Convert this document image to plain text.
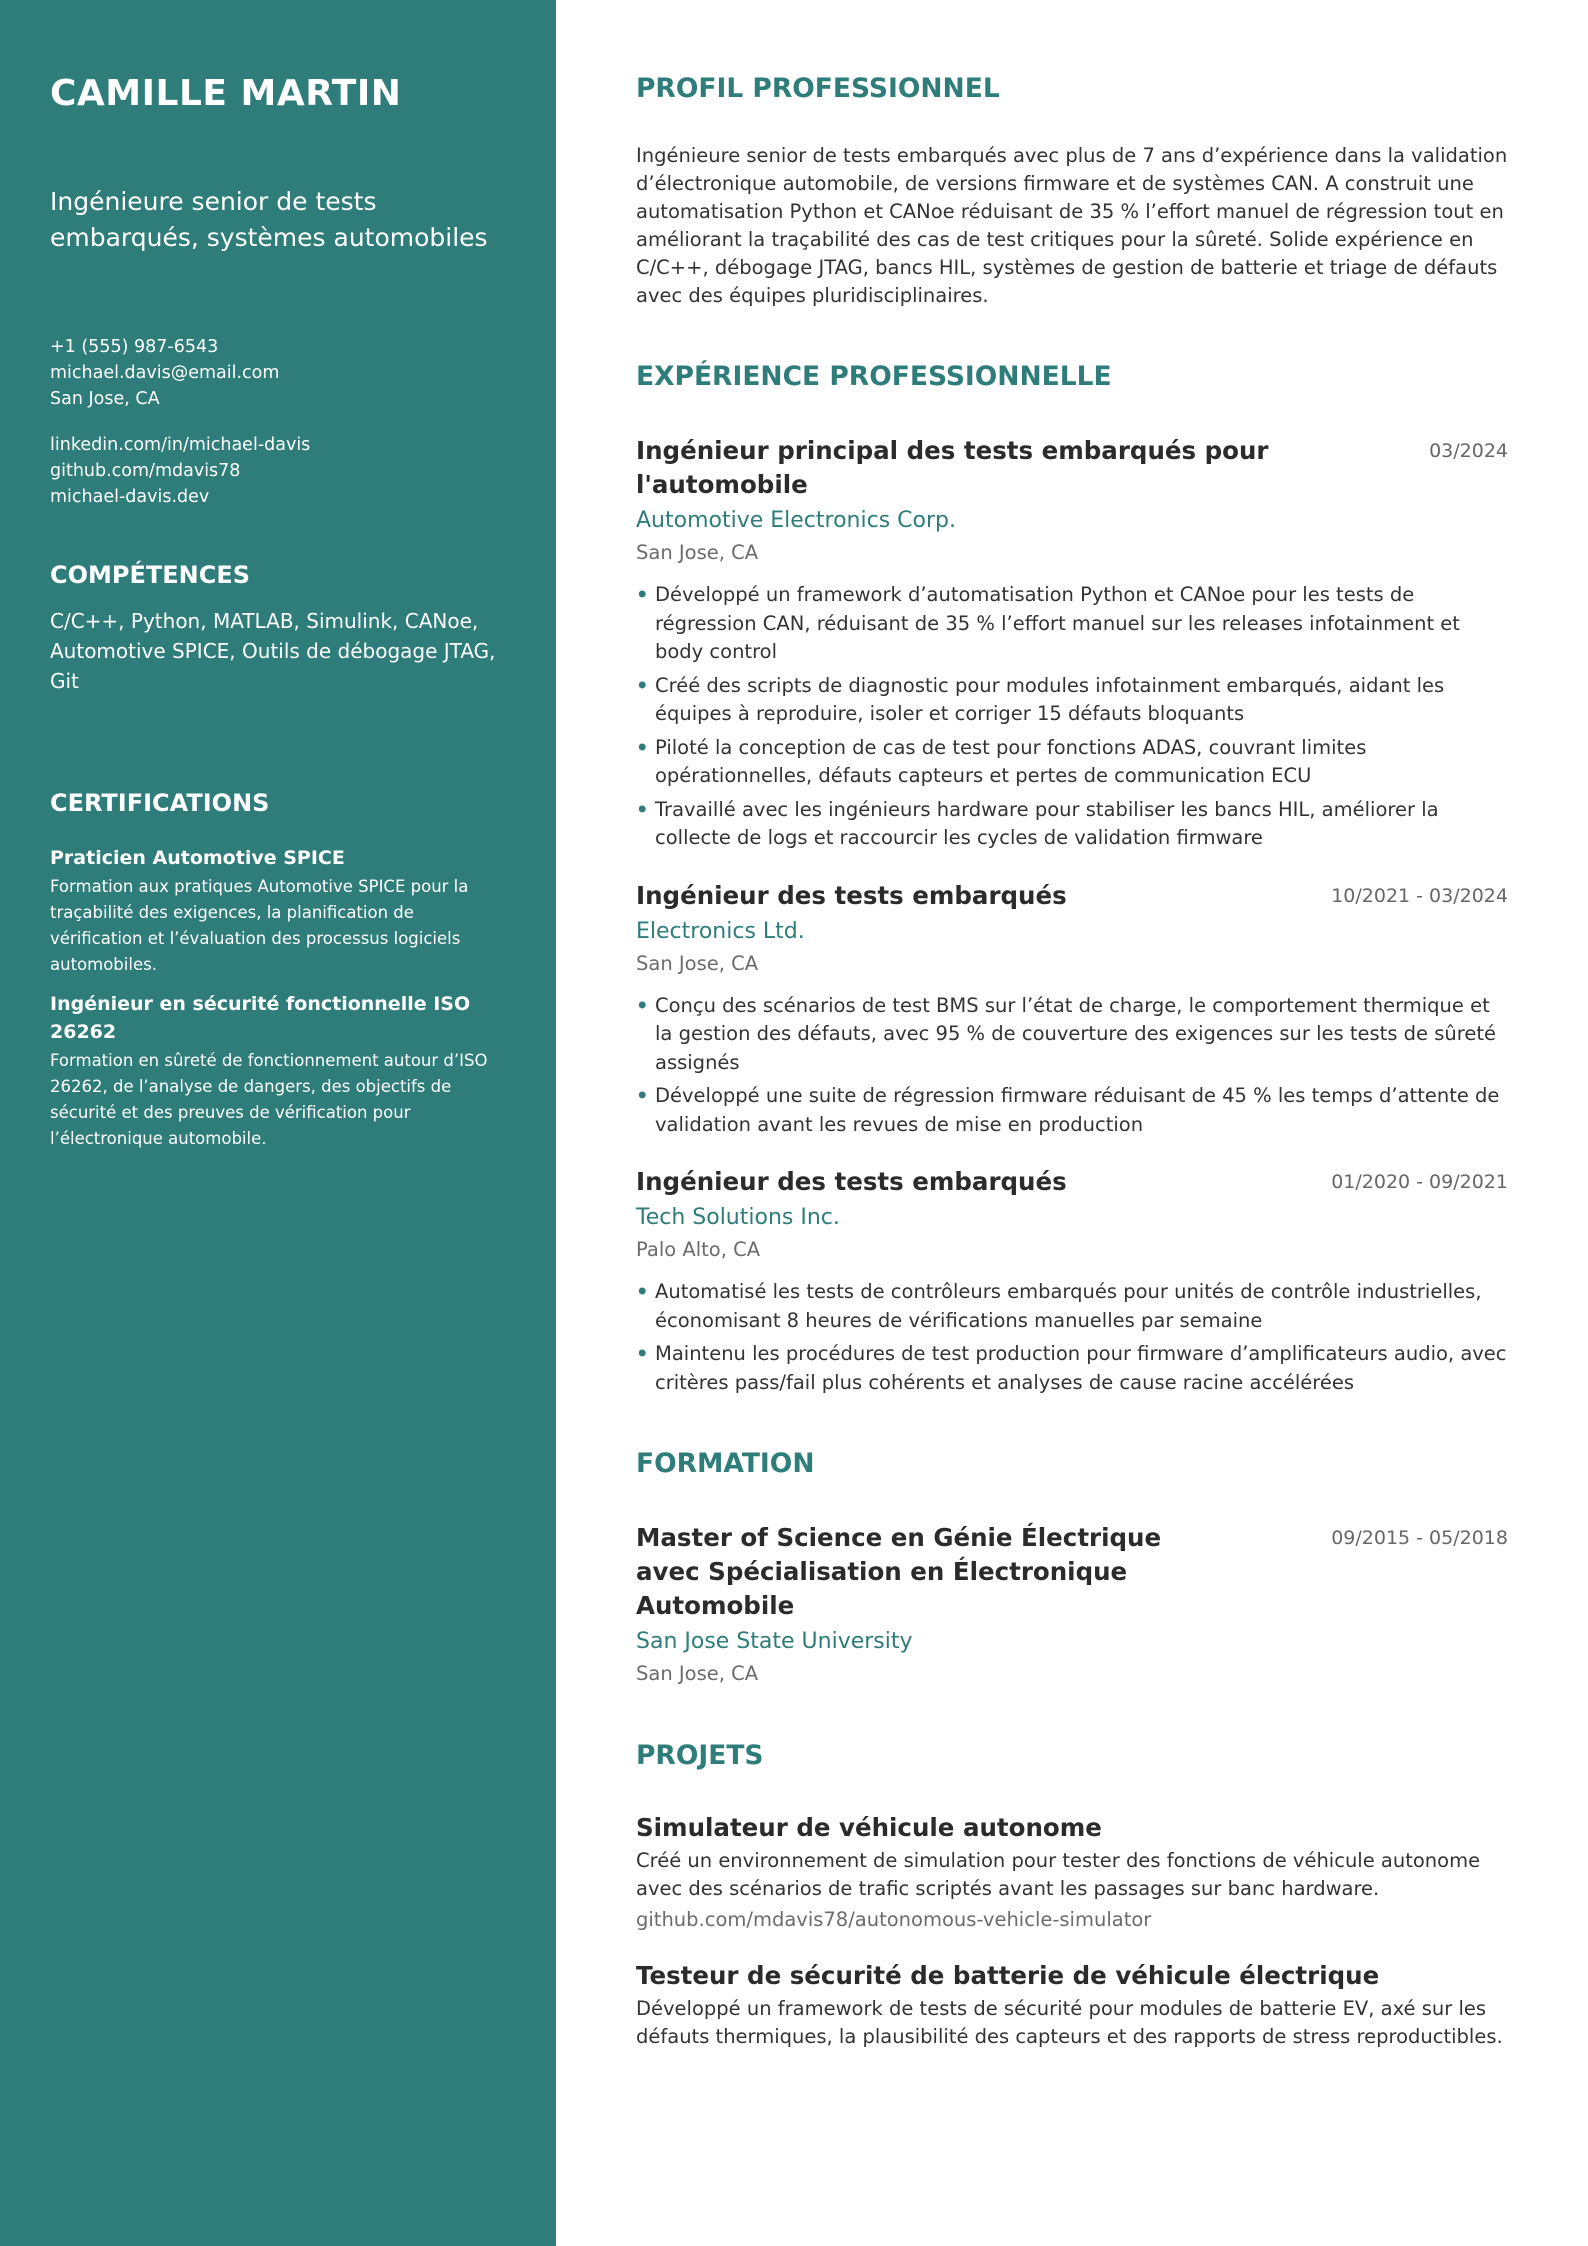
CAMILLE MARTIN
Ingénieure senior de tests embarqués, systèmes automobiles
+1 (555) 987-6543
michael.davis@email.com
San Jose, CA
linkedin.com/in/michael-davis
github.com/mdavis78
michael-davis.dev
COMPÉTENCES
C/C++, Python, MATLAB, Simulink, CANoe, Automotive SPICE, Outils de débogage JTAG, Git
CERTIFICATIONS
Praticien Automotive SPICE
Formation aux pratiques Automotive SPICE pour la traçabilité des exigences, la planification de vérification et l’évaluation des processus logiciels automobiles.
Ingénieur en sécurité fonctionnelle ISO 26262
Formation en sûreté de fonctionnement autour d’ISO 26262, de l’analyse de dangers, des objectifs de sécurité et des preuves de vérification pour l’électronique automobile.
PROFIL PROFESSIONNEL
Ingénieure senior de tests embarqués avec plus de 7 ans d’expérience dans la validation d’électronique automobile, de versions firmware et de systèmes CAN. A construit une automatisation Python et CANoe réduisant de 35 % l’effort manuel de régression tout en améliorant la traçabilité des cas de test critiques pour la sûreté. Solide expérience en C/C++, débogage JTAG, bancs HIL, systèmes de gestion de batterie et triage de défauts avec des équipes pluridisciplinaires.
EXPÉRIENCE PROFESSIONNELLE
Ingénieur principal des tests embarqués pour l'automobile
03/2024
Automotive Electronics Corp.
San Jose, CA
• Développé un framework d’automatisation Python et CANoe pour les tests de régression CAN, réduisant de 35 % l’effort manuel sur les releases infotainment et body control
• Créé des scripts de diagnostic pour modules infotainment embarqués, aidant les équipes à reproduire, isoler et corriger 15 défauts bloquants
• Piloté la conception de cas de test pour fonctions ADAS, couvrant limites opérationnelles, défauts capteurs et pertes de communication ECU
• Travaillé avec les ingénieurs hardware pour stabiliser les bancs HIL, améliorer la collecte de logs et raccourcir les cycles de validation firmware
Ingénieur des tests embarqués	10/2021 - 03/2024
Electronics Ltd.
San Jose, CA
• Conçu des scénarios de test BMS sur l’état de charge, le comportement thermique et la gestion des défauts, avec 95 % de couverture des exigences sur les tests de sûreté assignés
• Développé une suite de régression firmware réduisant de 45 % les temps d’attente de validation avant les revues de mise en production
Ingénieur des tests embarqués	01/2020 - 09/2021
Tech Solutions Inc.
Palo Alto, CA
• Automatisé les tests de contrôleurs embarqués pour unités de contrôle industrielles, économisant 8 heures de vérifications manuelles par semaine
• Maintenu les procédures de test production pour firmware d’amplificateurs audio, avec critères pass/fail plus cohérents et analyses de cause racine accélérées
FORMATION
Master of Science en Génie Électrique avec Spécialisation en Électronique Automobile
09/2015 - 05/2018
San Jose State University
San Jose, CA
PROJETS
Simulateur de véhicule autonome
Créé un environnement de simulation pour tester des fonctions de véhicule autonome avec des scénarios de trafic scriptés avant les passages sur banc hardware.
github.com/mdavis78/autonomous-vehicle-simulator
Testeur de sécurité de batterie de véhicule électrique
Développé un framework de tests de sécurité pour modules de batterie EV, axé sur les défauts thermiques, la plausibilité des capteurs et des rapports de stress reproductibles.
